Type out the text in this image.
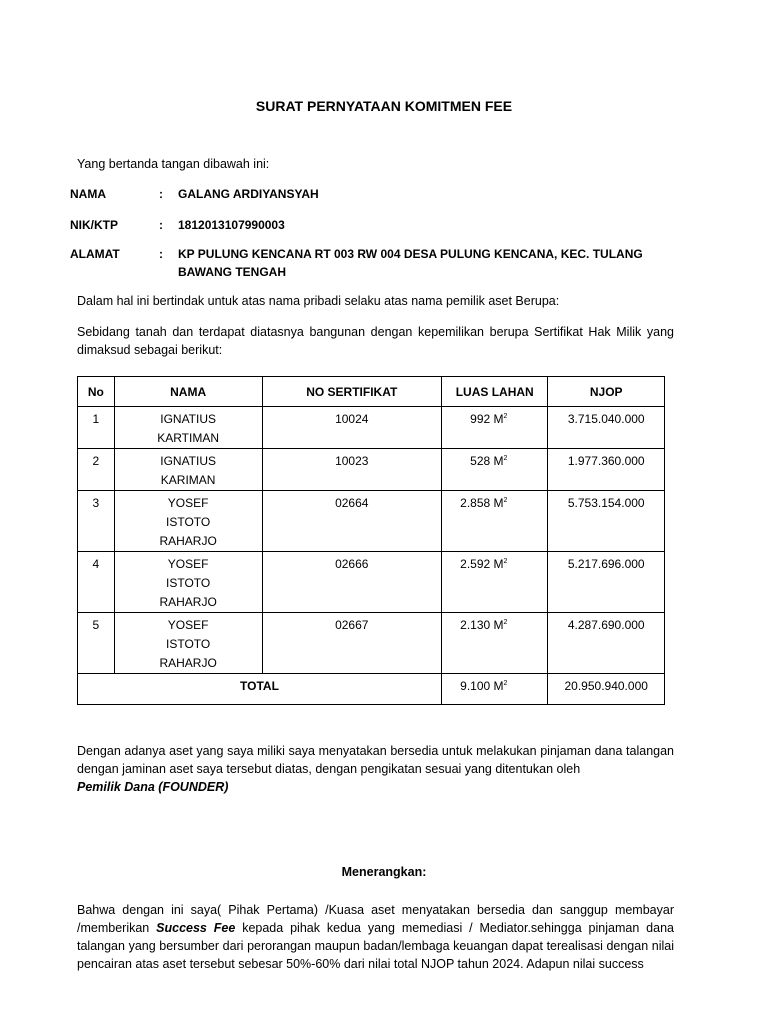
SURAT PERNYATAAN KOMITMEN FEE
Yang bertanda tangan dibawah ini:
NAMA	: GALANG ARDIYANSYAH
NIK/KTP	: 1812013107990003
ALAMAT	: KP PULUNG KENCANA RT 003 RW 004 DESA PULUNG KENCANA, KEC. TULANG BAWANG TENGAH
Dalam hal ini bertindak untuk atas nama pribadi selaku atas nama pemilik aset Berupa:
Sebidang tanah dan terdapat diatasnya bangunan dengan kepemilikan berupa Sertifikat Hak Milik yang dimaksud sebagai berikut:
No	NAMA	NO SERTIFIKAT	LUAS LAHAN	NJOP
1	IGNATIUS KARTIMAN	10024	992 $M^2$	3.715.040.000
2	IGNATIUS KARIMAN	10023	528 $M^2$	1.977.360.000
3	YOSEF ISTOTO RAHARJO	02664	2.858 $M^2$	5.753.154.000
4	YOSEF ISTOTO RAHARJO	02666	2.592 $M^2$	5.217.696.000
5	YOSEF ISTOTO RAHARJO	02667	2.130 $M^2$	4.287.690.000
TOTAL			9.100 $M^2$	20.950.940.000
Dengan adanya aset yang saya miliki saya menyatakan bersedia untuk melakukan pinjaman dana talangan dengan jaminan aset saya tersebut diatas, dengan pengikatan sesuai yang ditentukan oleh
Pemilik Dana (FOUNDER)
Menerangkan:
Bahwa dengan ini saya( Pihak Pertama) /Kuasa aset menyatakan bersedia dan sanggup membayar /memberikan Success Fee kepada pihak kedua yang memediasi / Mediator.sehingga pinjaman dana talangan yang bersumber dari perorangan maupun badan/lembaga keuangan dapat terealisasi dengan nilai pencairan atas aset tersebut sebesar 50%-60% dari nilai total NJOP tahun 2024. Adapun nilai success
